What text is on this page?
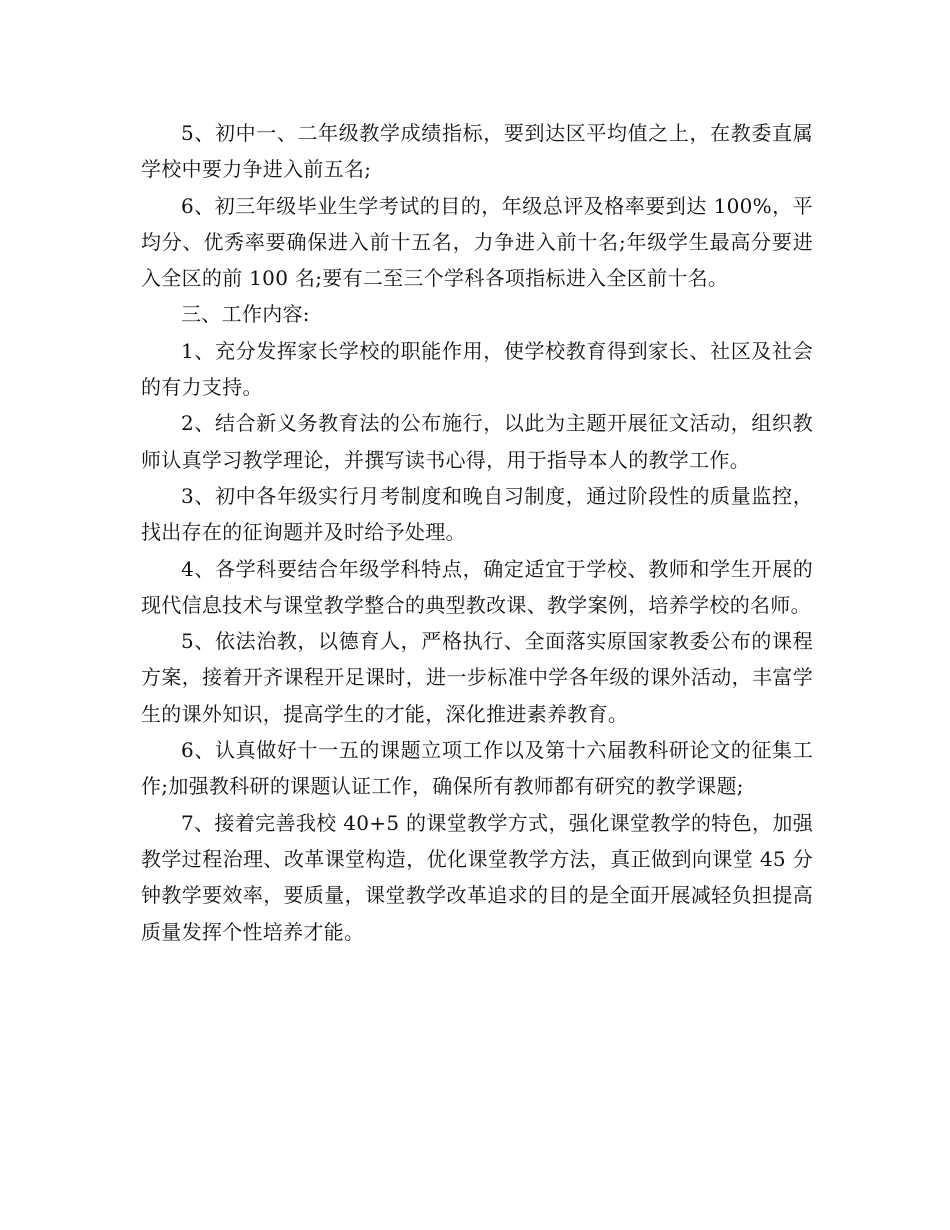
5、初中一、二年级教学成绩指标，要到达区平均值之上，在教委直属学校中要力争进入前五名;

6、初三年级毕业生学考试的目的，年级总评及格率要到达 100%，平均分、优秀率要确保进入前十五名，力争进入前十名;年级学生最高分要进入全区的前 100 名;要有二至三个学科各项指标进入全区前十名。

三、工作内容:

1、充分发挥家长学校的职能作用，使学校教育得到家长、社区及社会的有力支持。

2、结合新义务教育法的公布施行，以此为主题开展征文活动，组织教师认真学习教学理论，并撰写读书心得，用于指导本人的教学工作。

3、初中各年级实行月考制度和晚自习制度，通过阶段性的质量监控，找出存在的征询题并及时给予处理。

4、各学科要结合年级学科特点，确定适宜于学校、教师和学生开展的现代信息技术与课堂教学整合的典型教改课、教学案例，培养学校的名师。

5、依法治教，以德育人，严格执行、全面落实原国家教委公布的课程方案，接着开齐课程开足课时，进一步标准中学各年级的课外活动，丰富学生的课外知识，提高学生的才能，深化推进素养教育。

6、认真做好十一五的课题立项工作以及第十六届教科研论文的征集工作;加强教科研的课题认证工作，确保所有教师都有研究的教学课题;

7、接着完善我校 40+5 的课堂教学方式，强化课堂教学的特色，加强教学过程治理、改革课堂构造，优化课堂教学方法，真正做到向课堂 45 分钟教学要效率，要质量，课堂教学改革追求的目的是全面开展减轻负担提高质量发挥个性培养才能。
